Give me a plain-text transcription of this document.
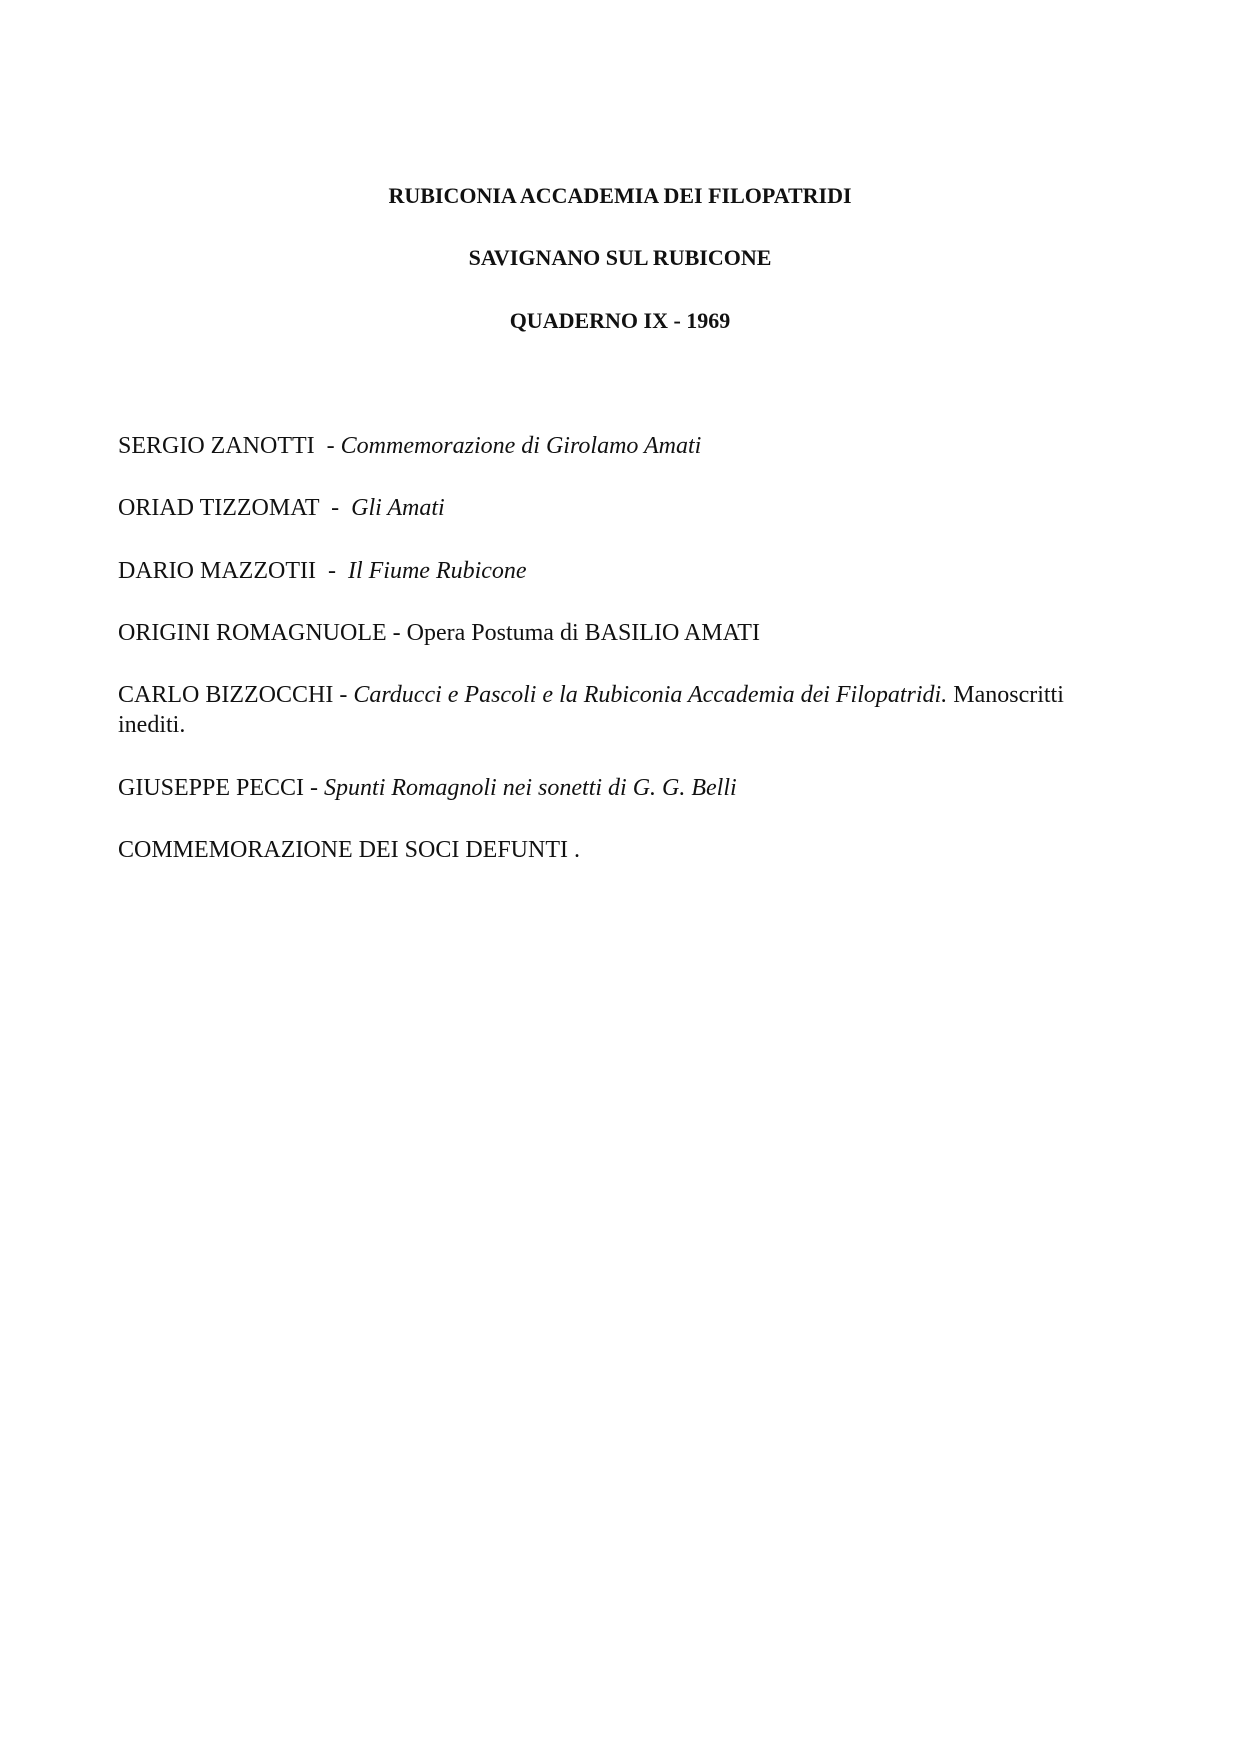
RUBICONIA ACCADEMIA DEI FILOPATRIDI
SAVIGNANO SUL RUBICONE
QUADERNO IX - 1969
SERGIO ZANOTTI  - Commemorazione di Girolamo Amati
ORIAD TIZZOMAT  -  Gli Amati
DARIO MAZZOTII  -  Il Fiume Rubicone
ORIGINI ROMAGNUOLE - Opera Postuma di BASILIO AMATI
CARLO BIZZOCCHI - Carducci e Pascoli e la Rubiconia Accademia dei Filopatridi. Manoscritti inediti.
GIUSEPPE PECCI - Spunti Romagnoli nei sonetti di G. G. Belli
COMMEMORAZIONE DEI SOCI DEFUNTI .
